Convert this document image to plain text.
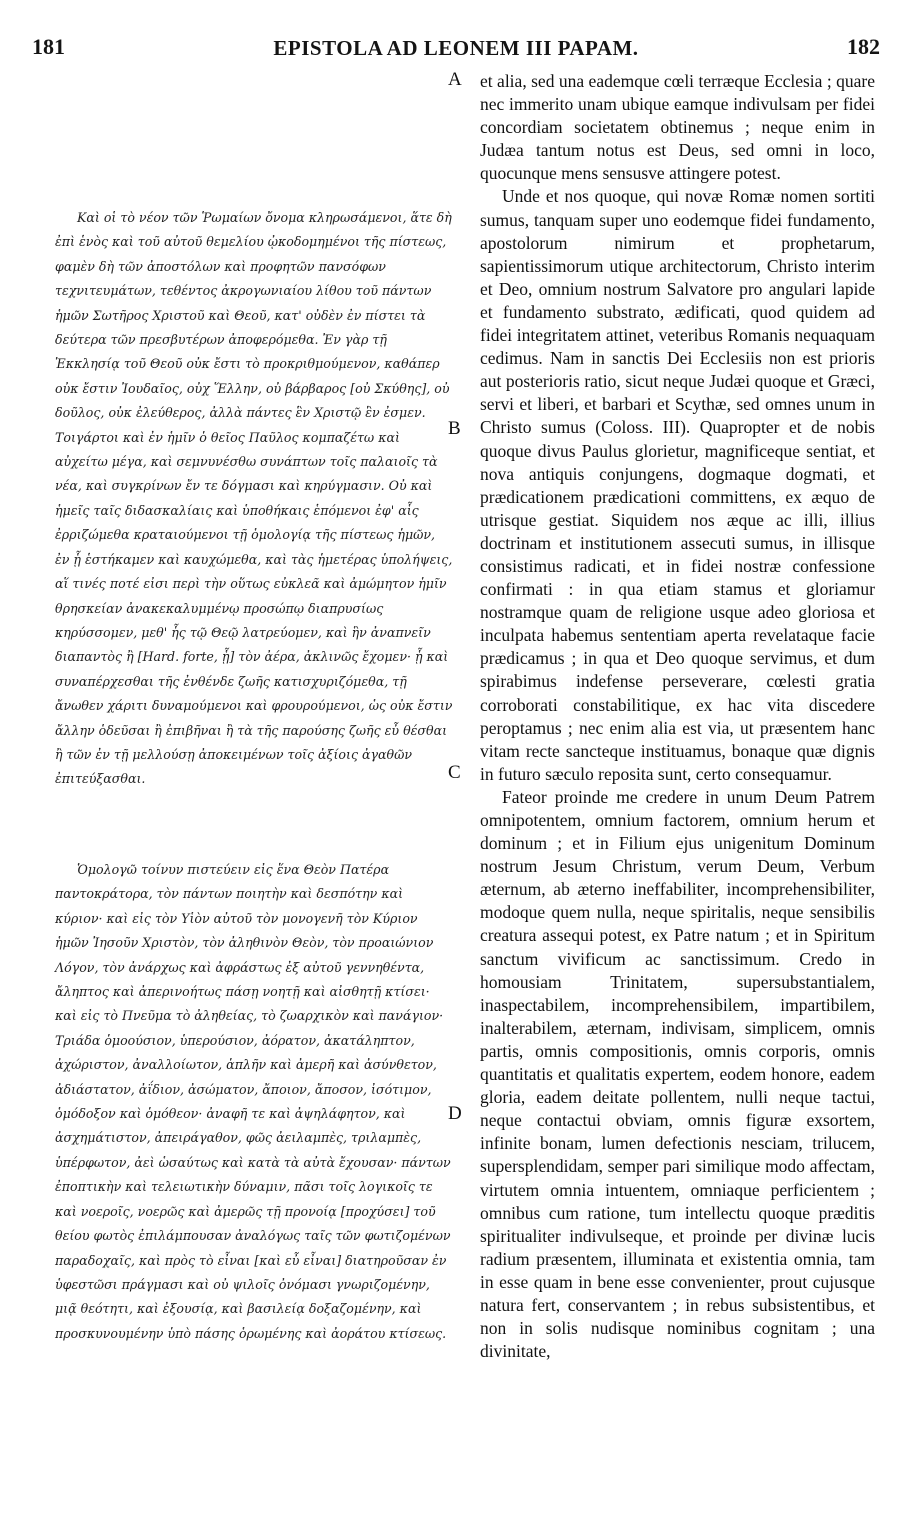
181	EPISTOLA AD LEONEM III PAPAM.	182
A
B
C
D

et alia, sed una eademque cœli terræque Ecclesia ; quare nec immerito unam ubique eamque indivulsam per fidei concordiam societatem obtinemus ; neque enim in Judæa tantum notus est Deus, sed omni in loco, quocunque mens sensusve attingere potest.

Unde et nos quoque, qui novæ Romæ nomen sortiti sumus, tanquam super uno eodemque fidei fundamento, apostolorum nimirum et prophetarum, sapientissimorum utique architectorum, Christo interim et Deo, omnium nostrum Salvatore pro angulari lapide et fundamento substrato, ædificati, quod quidem ad fidei integritatem attinet, veteribus Romanis nequaquam cedimus. Nam in sanctis Dei Ecclesiis non est prioris aut posterioris ratio, sicut neque Judæi quoque et Græci, servi et liberi, et barbari et Scythæ, sed omnes unum in Christo sumus (Coloss. III). Quapropter et de nobis quoque divus Paulus glorietur, magnificeque sentiat, et nova antiquis conjungens, dogmaque dogmati, et prædicationem prædicationi committens, ex æquo de utrisque gestiat. Siquidem nos æque ac illi, illius doctrinam et institutionem assecuti sumus, in illisque consistimus radicati, et in fidei nostræ confessione confirmati : in qua etiam stamus et gloriamur nostramque quam de religione usque adeo gloriosa et inculpata habemus sententiam aperta revelataque facie prædicamus ; in qua et Deo quoque servimus, et dum spirabimus indefense perseverare, cœlesti gratia corroborati constabilitique, ex hac vita discedere peroptamus ; nec enim alia est via, ut præsentem hanc vitam recte sancteque instituamus, bonaque quæ dignis in futuro sæculo reposita sunt, certo consequamur.

Fateor proinde me credere in unum Deum Patrem omnipotentem, omnium factorem, omnium herum et dominum ; et in Filium ejus unigenitum Dominum nostrum Jesum Christum, verum Deum, Verbum æternum, ab æterno ineffabiliter, incomprehensibiliter, modoque quem nulla, neque spiritalis, neque sensibilis creatura assequi potest, ex Patre natum ; et in Spiritum sanctum vivificum ac sanctissimum. Credo in homousiam Trinitatem, supersubstantialem, inaspectabilem, incomprehensibilem, impartibilem, inalterabilem, æternam, indivisam, simplicem, omnis partis, omnis compositionis, omnis corporis, omnis quantitatis et qualitatis expertem, eodem honore, eadem gloria, eadem deitate pollentem, nulli neque tactui, neque contactui obviam, omnis figuræ exsortem, infinite bonam, lumen defectionis nesciam, trilucem, supersplendidam, semper pari similique modo affectam, virtutem omnia intuentem, omniaque perficientem ; omnibus cum ratione, tum intellectu quoque præditis spiritualiter indivulseque, et proinde per divinæ lucis radium præsentem, illuminata et existentia omnia, tam in esse quam in bene esse convenienter, prout cujusque natura fert, conservantem ; in rebus subsistentibus, et non in solis nudisque nominibus cognitam ; una divinitate,

Καὶ οἱ τὸ νέον τῶν Ῥωμαίων ὄνομα κληρωσάμενοι, ἅτε δὴ ἐπὶ ἑνὸς καὶ τοῦ αὐτοῦ θεμελίου ᾠκοδομημένοι τῆς πίστεως, φαμὲν δὴ τῶν ἀποστόλων καὶ προφητῶν πανσόφων τεχνιτευμάτων, τεθέντος ἀκρογωνιαίου λίθου τοῦ πάντων ἡμῶν Σωτῆρος Χριστοῦ καὶ Θεοῦ, κατ' οὐδὲν ἐν πίστει τὰ δεύτερα τῶν πρεσβυτέρων ἀποφερόμεθα. Ἐν γὰρ τῇ Ἐκκλησίᾳ τοῦ Θεοῦ οὐκ ἔστι τὸ προκριθμούμενον, καθάπερ οὐκ ἔστιν Ἰουδαῖος, οὐχ Ἕλλην, οὐ βάρβαρος [οὐ Σκύθης], οὐ δοῦλος, οὐκ ἐλεύθερος, ἀλλὰ πάντες ἓν Χριστῷ ἓν ἐσμεν. Τοιγάρτοι καὶ ἐν ἡμῖν ὁ θεῖος Παῦλος κομπαζέτω καὶ αὐχείτω μέγα, καὶ σεμνυνέσθω συνάπτων τοῖς παλαιοῖς τὰ νέα, καὶ συγκρίνων ἔν τε δόγμασι καὶ κηρύγμασιν. Οὐ καὶ ἡμεῖς ταῖς διδασκαλίαις καὶ ὑποθήκαις ἑπόμενοι ἐφ' αἷς ἐρριζώμεθα κραταιούμενοι τῇ ὁμολογίᾳ τῆς πίστεως ἡμῶν, ἐν ᾗ ἑστήκαμεν καὶ καυχώμεθα, καὶ τὰς ἡμετέρας ὑπολήψεις, αἵ τινές ποτέ εἰσι περὶ τὴν οὕτως εὐκλεᾶ καὶ ἀμώμητον ἡμῖν θρησκείαν ἀνακεκαλυμμένῳ προσώπῳ διαπρυσίως κηρύσσομεν, μεθ' ἧς τῷ Θεῷ λατρεύομεν, καὶ ἣν ἀναπνεῖν διαπαντὸς ἢ [Hard. forte, ᾗ] τὸν ἀέρα, ἀκλινῶς ἔχομεν· ᾗ καὶ συναπέρχεσθαι τῆς ἐνθένδε ζωῆς κατισχυριζόμεθα, τῇ ἄνωθεν χάριτι δυναμούμενοι καὶ φρουρούμενοι, ὡς οὐκ ἔστιν ἄλλην ὁδεῦσαι ἢ ἐπιβῆναι ἢ τὰ τῆς παρούσης ζωῆς εὖ θέσθαι ἢ τῶν ἐν τῇ μελλούσῃ ἀποκειμένων τοῖς ἀξίοις ἀγαθῶν ἐπιτεύξασθαι.

Ὁμολογῶ τοίνυν πιστεύειν εἰς ἕνα Θεὸν Πατέρα παντοκράτορα, τὸν πάντων ποιητὴν καὶ δεσπότην καὶ κύριον· καὶ εἰς τὸν Υἱὸν αὐτοῦ τὸν μονογενῆ τὸν Κύριον ἡμῶν Ἰησοῦν Χριστὸν, τὸν ἀληθινὸν Θεὸν, τὸν προαιώνιον Λόγον, τὸν ἀνάρχως καὶ ἀφράστως ἐξ αὐτοῦ γεννηθέντα, ἄληπτος καὶ ἀπερινοήτως πάσῃ νοητῇ καὶ αἰσθητῇ κτίσει· καὶ εἰς τὸ Πνεῦμα τὸ ἀληθείας, τὸ ζωαρχικὸν καὶ πανάγιον· Τριάδα ὁμοούσιον, ὑπερούσιον, ἀόρατον, ἀκατάληπτον, ἀχώριστον, ἀναλλοίωτον, ἁπλῆν καὶ ἀμερῆ καὶ ἀσύνθετον, ἀδιάστατον, ἀΐδιον, ἀσώματον, ἄποιον, ἄποσον, ἰσότιμον, ὁμόδοξον καὶ ὁμόθεον· ἀναφῆ τε καὶ ἀψηλάφητον, καὶ ἀσχημάτιστον, ἀπειράγαθον, φῶς ἀειλαμπὲς, τριλαμπὲς, ὑπέρφωτον, ἀεὶ ὡσαύτως καὶ κατὰ τὰ αὐτὰ ἔχουσαν· πάντων ἐποπτικὴν καὶ τελειωτικὴν δύναμιν, πᾶσι τοῖς λογικοῖς τε καὶ νοεροῖς, νοερῶς καὶ ἀμερῶς τῇ προνοίᾳ [προχύσει] τοῦ θείου φωτὸς ἐπιλάμπουσαν ἀναλόγως ταῖς τῶν φωτιζομένων παραδοχαῖς, καὶ πρὸς τὸ εἶναι [καὶ εὖ εἶναι] διατηροῦσαν ἐν ὑφεστῶσι πράγμασι καὶ οὐ ψιλοῖς ὀνόμασι γνωριζομένην, μιᾷ θεότητι, καὶ ἐξουσίᾳ, καὶ βασιλείᾳ δοξαζομένην, καὶ προσκυνουμένην ὑπὸ πάσης ὁρωμένης καὶ ἀοράτου κτίσεως.
